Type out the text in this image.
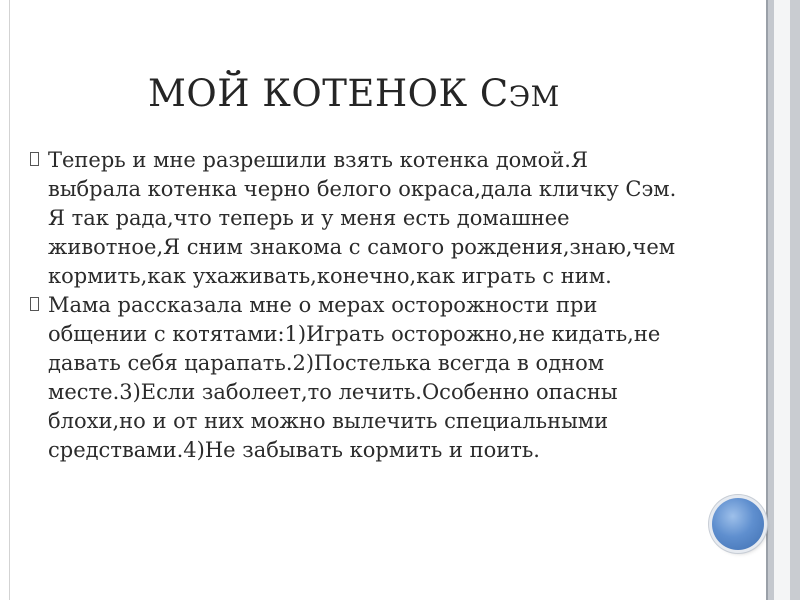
МОЙ КОТЕНОК СЭМ
Теперь и мне разрешили взять котенка домой.Я
выбрала котенка черно белого окраса,дала кличку Сэм.
Я так рада,что теперь и у меня есть домашнее
животное,Я сним знакома с самого рождения,знаю,чем
кормить,как ухаживать,конечно,как играть с ним.
Мама рассказала мне о мерах осторожности при
общении с котятами:1)Играть осторожно,не кидать,не
давать себя царапать.2)Постелька всегда в одном
месте.3)Если заболеет,то лечить.Особенно опасны
блохи,но и от них можно вылечить специальными
средствами.4)Не забывать кормить и поить.
